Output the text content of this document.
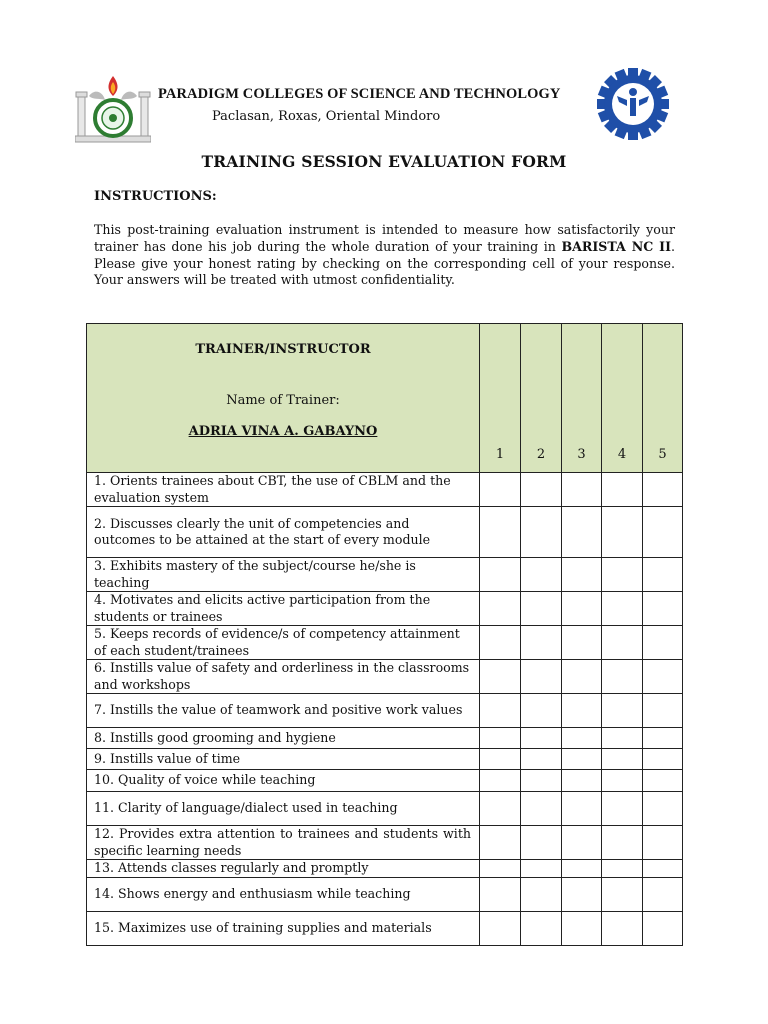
PARADIGM COLLEGES OF SCIENCE AND TECHNOLOGY
Paclasan, Roxas, Oriental Mindoro
TRAINING SESSION EVALUATION FORM
INSTRUCTIONS:
This post-training evaluation instrument is intended to measure how satisfactorily your trainer has done his job during the whole duration of your training in BARISTA NC II. Please give your honest rating by checking on the corresponding cell of your response. Your answers will be treated with utmost confidentiality.
TRAINER/INSTRUCTOR
Name of Trainer:
ADRIA VINA A. GABAYNO	1	2	3	4	5
1. Orients trainees about CBT, the use of CBLM and the evaluation system					
2. Discusses clearly the unit of competencies and outcomes to be attained at the start of every module					
3. Exhibits mastery of the subject/course he/she is teaching					
4. Motivates and elicits active participation from the students or trainees					
5. Keeps records of evidence/s of competency attainment of each student/trainees					
6. Instills value of safety and orderliness in the classrooms and workshops					
7. Instills the value of teamwork and positive work values					
8. Instills good grooming and hygiene					
9. Instills value of time					
10. Quality of voice while teaching					
11. Clarity of language/dialect used in teaching					
12. Provides extra attention to trainees and students with specific learning needs					
13. Attends classes regularly and promptly					
14. Shows energy and enthusiasm while teaching					
15. Maximizes use of training supplies and materials					
